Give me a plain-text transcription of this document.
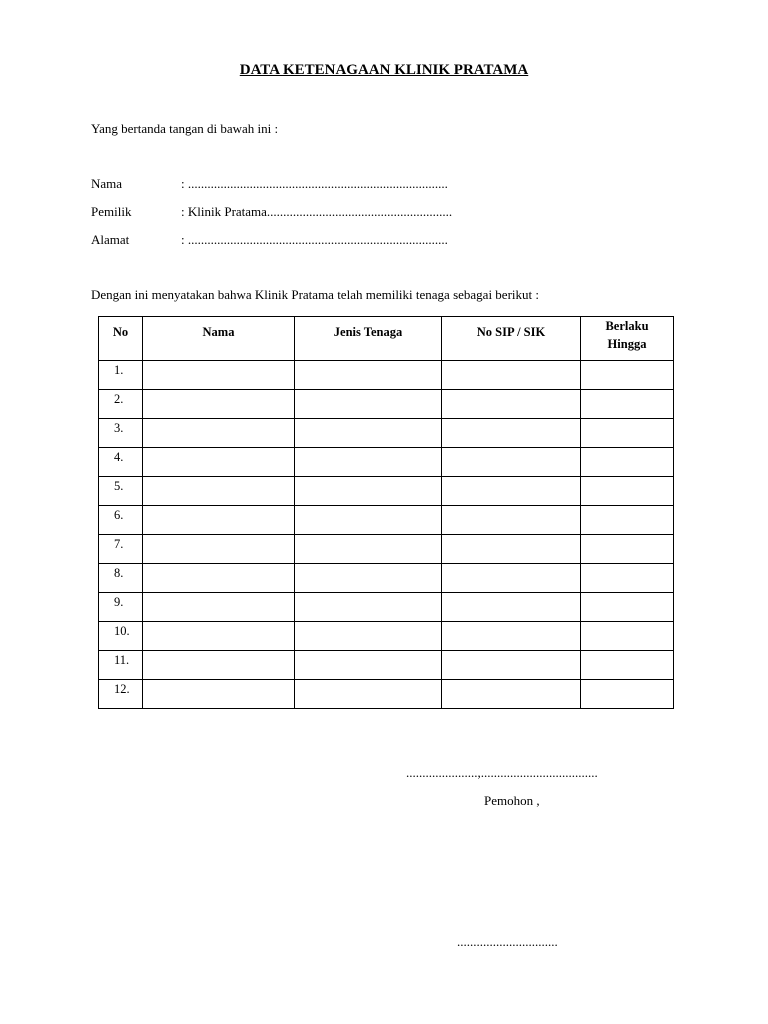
DATA KETENAGAAN KLINIK PRATAMA
Yang bertanda tangan di bawah ini :
Nama	: ................................................................................
Pemilik	: Klinik Pratama.........................................................
Alamat	: ................................................................................
Dengan ini menyatakan bahwa Klinik Pratama telah memiliki tenaga sebagai berikut :
No	Nama	Jenis Tenaga	No SIP / SIK	Berlaku
Hingga

1.				
2.				
3.				
4.				
5.				
6.				
7.				
8.				
9.				
10.				
11.				
12.				
......................,....................................
Pemohon ,
...............................
